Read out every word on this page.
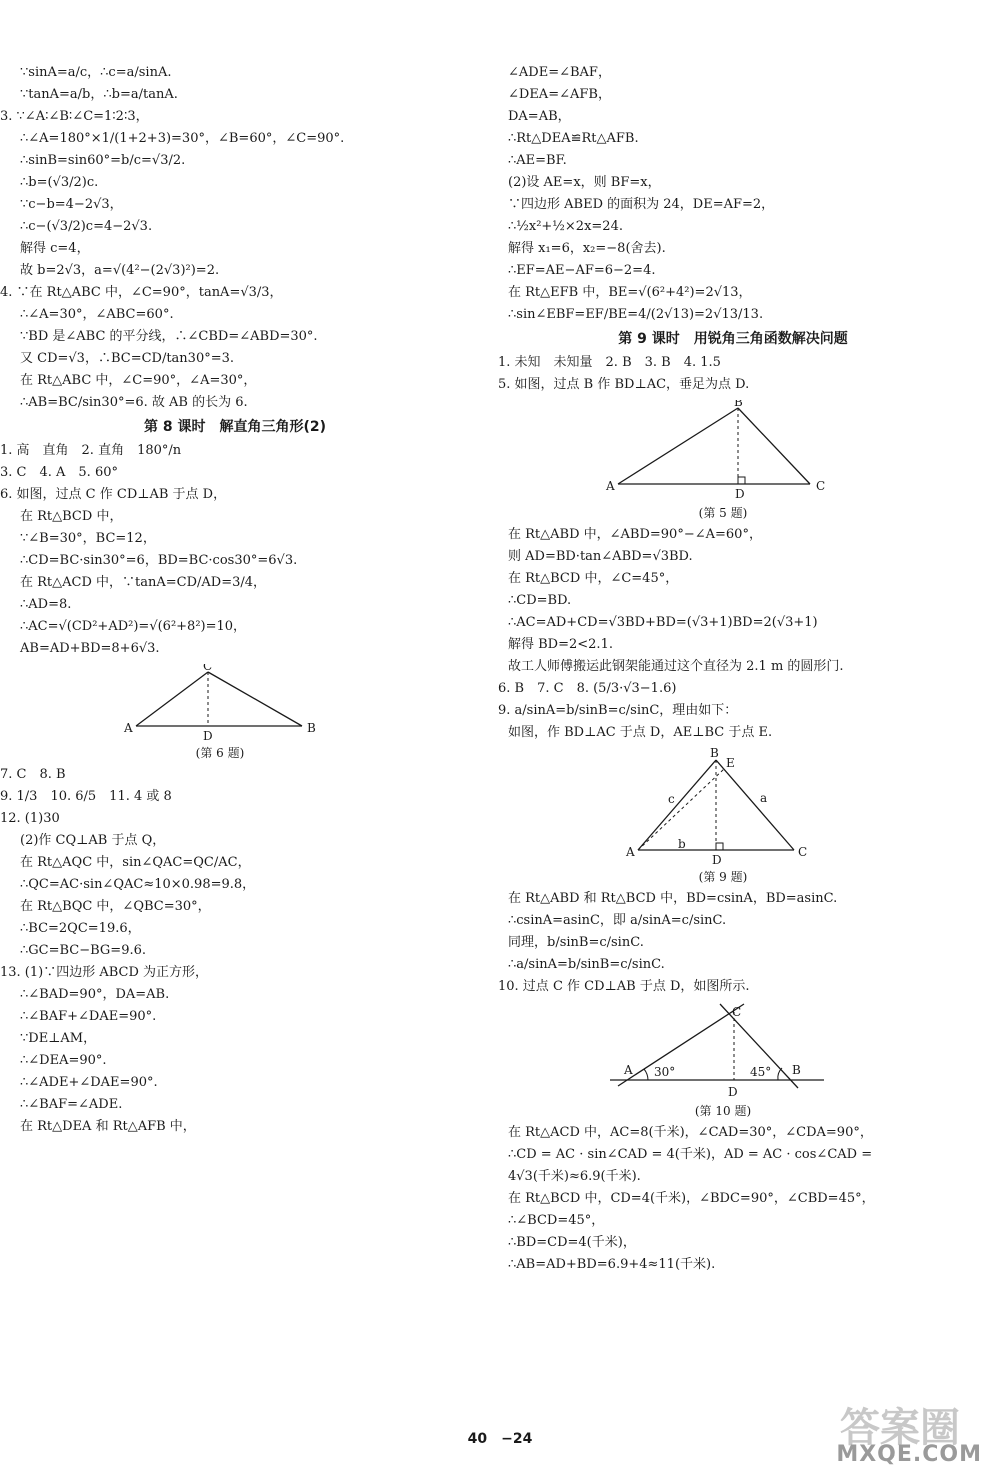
∵sinA=a/c，∴c=a/sinA.
∵tanA=a/b，∴b=a/tanA.
3. ∵∠A∶∠B∶∠C=1∶2∶3，
∴∠A=180°×1/(1+2+3)=30°，∠B=60°，∠C=90°.
∴sinB=sin60°=b/c=√3/2.
∴b=(√3/2)c.
∵c−b=4−2√3，
∴c−(√3/2)c=4−2√3.
解得 c=4，
故 b=2√3，a=√(4²−(2√3)²)=2.
4. ∵在 Rt△ABC 中，∠C=90°，tanA=√3/3，
∴∠A=30°，∠ABC=60°.
∵BD 是∠ABC 的平分线，∴∠CBD=∠ABD=30°.
又 CD=√3，∴BC=CD/tan30°=3.
在 Rt△ABC 中，∠C=90°，∠A=30°，
∴AB=BC/sin30°=6. 故 AB 的长为 6.
第 8 课时　解直角三角形(2)
1. 高　直角　2. 直角　180°/n
3. C　4. A　5. 60°
6. 如图，过点 C 作 CD⊥AB 于点 D，
在 Rt△BCD 中，
∵∠B=30°，BC=12，
∴CD=BC·sin30°=6，BD=BC·cos30°=6√3.
在 Rt△ACD 中，∵tanA=CD/AD=3/4，
∴AD=8.
∴AC=√(CD²+AD²)=√(6²+8²)=10，
AB=AD+BD=8+6√3.
A	B
C
D
(第 6 题)
7. C　8. B
9. 1/3　10. 6/5　11. 4 或 8
12. (1)30
(2)作 CQ⊥AB 于点 Q，
在 Rt△AQC 中，sin∠QAC=QC/AC，
∴QC=AC·sin∠QAC≈10×0.98=9.8，
在 Rt△BQC 中，∠QBC=30°，
∴BC=2QC=19.6，
∴GC=BC−BG=9.6.
13. (1)∵四边形 ABCD 为正方形，
∴∠BAD=90°，DA=AB.
∴∠BAF+∠DAE=90°.
∵DE⊥AM，
∴∠DEA=90°.
∴∠ADE+∠DAE=90°.
∴∠BAF=∠ADE.
在 Rt△DEA 和 Rt△AFB 中，
∠ADE=∠BAF，
∠DEA=∠AFB，
DA=AB，
∴Rt△DEA≌Rt△AFB.
∴AE=BF.
(2)设 AE=x，则 BF=x，
∵四边形 ABED 的面积为 24，DE=AF=2，
∴½x²+½×2x=24.
解得 x₁=6，x₂=−8(舍去).
∴EF=AE−AF=6−2=4.
在 Rt△EFB 中，BE=√(6²+4²)=2√13，
∴sin∠EBF=EF/BE=4/(2√13)=2√13/13.
第 9 课时　用锐角三角函数解决问题
1. 未知　未知量　2. B　3. B　4. 1.5
5. 如图，过点 B 作 BD⊥AC，垂足为点 D.
A
B
C
D
(第 5 题)
在 Rt△ABD 中，∠ABD=90°−∠A=60°，
则 AD=BD·tan∠ABD=√3BD.
在 Rt△BCD 中，∠C=45°，
∴CD=BD.
∴AC=AD+CD=√3BD+BD=(√3+1)BD=2(√3+1)
解得 BD=2<2.1.
故工人师傅搬运此钢架能通过这个直径为 2.1 m 的圆形门.
6. B　7. C　8. (5/3·√3−1.6)
9. a/sinA=b/sinB=c/sinC，理由如下：
如图，作 BD⊥AC 于点 D，AE⊥BC 于点 E.
A
B
C
D
E
a
b
c
(第 9 题)
在 Rt△ABD 和 Rt△BCD 中，BD=csinA，BD=asinC.
∴csinA=asinC，即 a/sinA=c/sinC.
同理，b/sinB=c/sinC.
∴a/sinA=b/sinB=c/sinC.
10. 过点 C 作 CD⊥AB 于点 D，如图所示.
A	B
C
D
30°	45°
(第 10 题)
在 Rt△ACD 中，AC=8(千米)，∠CAD=30°，∠CDA=90°，
∴CD = AC · sin∠CAD = 4(千米)，AD = AC · cos∠CAD =
4√3(千米)≈6.9(千米).
在 Rt△BCD 中，CD=4(千米)，∠BDC=90°，∠CBD=45°，
∴∠BCD=45°，
∴BD=CD=4(千米)，
∴AB=AD+BD=6.9+4≈11(千米).
40　−24	答案圈
MXQE.COM
